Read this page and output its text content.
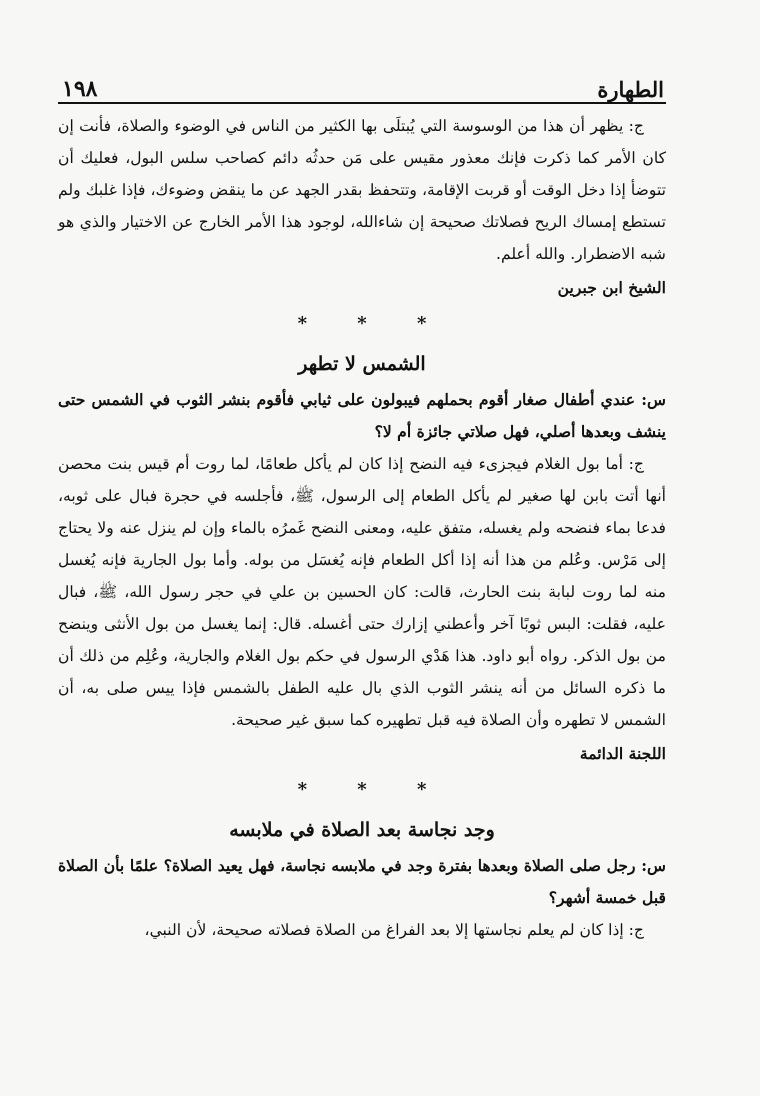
الطهارة
١٩٨

ج: يظهر أن هذا من الوسوسة التي يُبتلَى بها الكثير من الناس في الوضوء والصلاة، فأنت إن كان الأمر كما ذكرت فإنك معذور مقيس على مَن حدثُه دائم كصاحب سلس البول، فعليك أن تتوضأ إذا دخل الوقت أو قربت الإقامة، وتتحفظ بقدر الجهد عن ما ينقض وضوءك، فإذا غلبك ولم تستطع إمساك الريح فصلاتك صحيحة إن شاءالله، لوجود هذا الأمر الخارج عن الاختيار والذي هو شبه الاضطرار. والله أعلم.

الشيخ ابن جبرين
* * *
الشمس لا تطهر

س: عندي أطفال صغار أقوم بحملهم فيبولون على ثيابي فأقوم بنشر الثوب في الشمس حتى ينشف وبعدها أصلي، فهل صلاتي جائزة أم لا؟

ج: أما بول الغلام فيجزىء فيه النضح إذا كان لم يأكل طعامًا، لما روت أم قيس بنت محصن أنها أتت بابن لها صغير لم يأكل الطعام إلى الرسول، ﷺ، فأجلسه في حجرة فبال على ثوبه، فدعا بماء فنضحه ولم يغسله، متفق عليه، ومعنى النضح غَمرُه بالماء وإن لم ينزل عنه ولا يحتاج إلى مَرْس. وعُلم من هذا أنه إذا أكل الطعام فإنه يُغسَل من بوله. وأما بول الجارية فإنه يُغسل منه لما روت لبابة بنت الحارث، قالت: كان الحسين بن علي في حجر رسول الله، ﷺ، فبال عليه، فقلت: البس ثوبًا آخر وأعطني إزارك حتى أغسله. قال: إنما يغسل من بول الأنثى وينضح من بول الذكر. رواه أبو داود. هذا هَدْي الرسول في حكم بول الغلام والجارية، وعُلِم من ذلك أن ما ذكره السائل من أنه ينشر الثوب الذي بال عليه الطفل بالشمس فإذا ييس صلى به، أن الشمس لا تطهره وأن الصلاة فيه قبل تطهيره كما سبق غير صحيحة.

اللجنة الدائمة
* * *
وجد نجاسة بعد الصلاة في ملابسه

س: رجل صلى الصلاة وبعدها بفترة وجد في ملابسه نجاسة، فهل يعيد الصلاة؟ علمًا بأن الصلاة قبل خمسة أشهر؟

ج: إذا كان لم يعلم نجاستها إلا بعد الفراغ من الصلاة فصلاته صحيحة، لأن النبي،
